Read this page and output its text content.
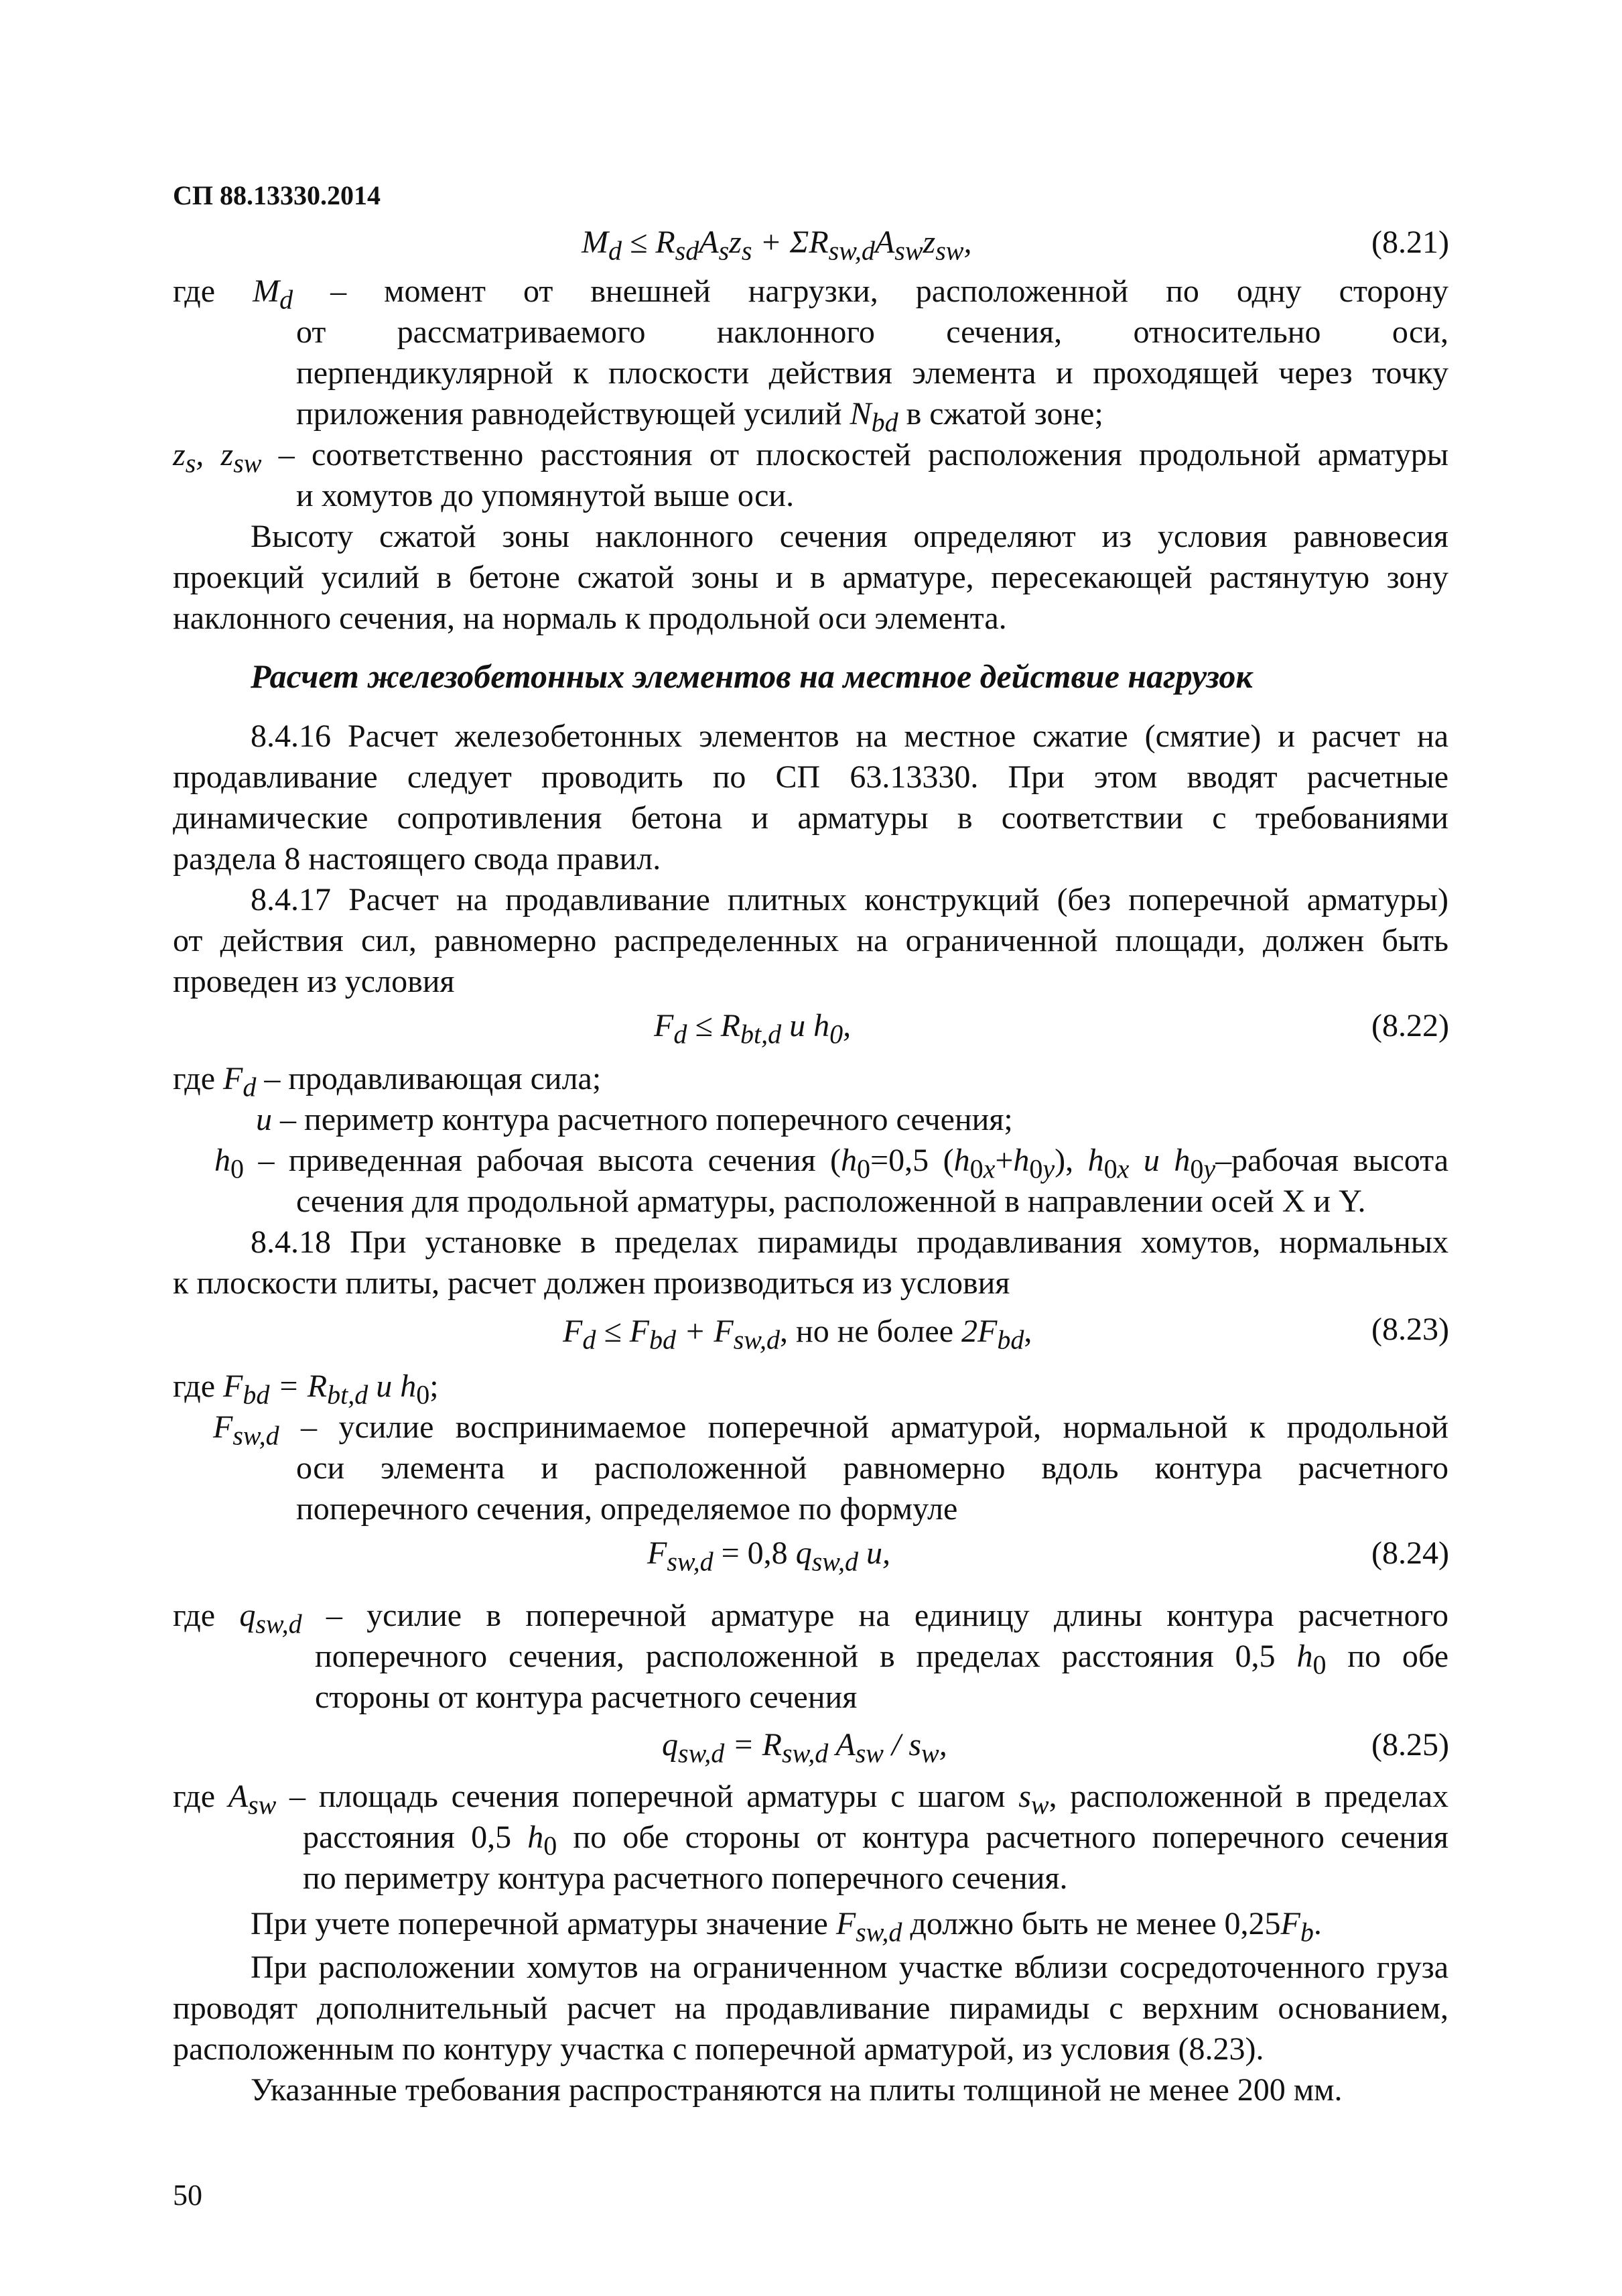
СП 88.13330.2014
$M_d \le R_{sd}A_sz_s + \Sigma R_{sw,d}A_{sw}z_{sw}$,	(8.21)
где $M_d$ – момент от внешней нагрузки, расположенной по одну сторону
от рассматриваемого наклонного сечения, относительно оси,
перпендикулярной к плоскости действия элемента и проходящей через точку
приложения равнодействующей усилий $N_{bd}$ в сжатой зоне;
$z_s$, $z_{sw}$ – соответственно расстояния от плоскостей расположения продольной арматуры
и хомутов до упомянутой выше оси.
Высоту сжатой зоны наклонного сечения определяют из условия равновесия
проекций усилий в бетоне сжатой зоны и в арматуре, пересекающей растянутую зону
наклонного сечения, на нормаль к продольной оси элемента.
Расчет железобетонных элементов на местное действие нагрузок
8.4.16 Расчет железобетонных элементов на местное сжатие (смятие) и расчет на
продавливание следует проводить по СП 63.13330. При этом вводят расчетные
динамические сопротивления бетона и арматуры в соответствии с требованиями
раздела 8 настоящего свода правил.
8.4.17 Расчет на продавливание плитных конструкций (без поперечной арматуры)
от действия сил, равномерно распределенных на ограниченной площади, должен быть
проведен из условия
$F_d \le R_{bt,d}$ u $h_0$,	(8.22)
где $F_d$ – продавливающая сила;
u – периметр контура расчетного поперечного сечения;
$h_0$ – приведенная рабочая высота сечения ($h_0=0,5$ $(h_{0x}+h_{0y})$, $h_{0x}$ и $h_{0y}$–рабочая высота
сечения для продольной арматуры, расположенной в направлении осей X и Y.
8.4.18 При установке в пределах пирамиды продавливания хомутов, нормальных
к плоскости плиты, расчет должен производиться из условия
$F_d \le F_{bd} + F_{sw,d}$, но не более $2F_{bd}$,	(8.23)
где $F_{bd} = R_{bt,d}$ u $h_0$;
$F_{sw,d}$ – усилие воспринимаемое поперечной арматурой, нормальной к продольной
оси элемента и расположенной равномерно вдоль контура расчетного
поперечного сечения, определяемое по формуле
$F_{sw,d} = 0,8$ $q_{sw,d}$ u,	(8.24)
где $q_{sw,d}$ – усилие в поперечной арматуре на единицу длины контура расчетного
поперечного сечения, расположенной в пределах расстояния 0,5 $h_0$ по обе
стороны от контура расчетного сечения
$q_{sw,d} = R_{sw,d}$ $A_{sw} / s_w$,	(8.25)
где $A_{sw}$ – площадь сечения поперечной арматуры с шагом $s_w$, расположенной в пределах
расстояния 0,5 $h_0$ по обе стороны от контура расчетного поперечного сечения
по периметру контура расчетного поперечного сечения.
При учете поперечной арматуры значение $F_{sw,d}$ должно быть не менее $0,25F_b$.
При расположении хомутов на ограниченном участке вблизи сосредоточенного груза
проводят дополнительный расчет на продавливание пирамиды с верхним основанием,
расположенным по контуру участка с поперечной арматурой, из условия (8.23).
Указанные требования распространяются на плиты толщиной не менее 200 мм.
50
